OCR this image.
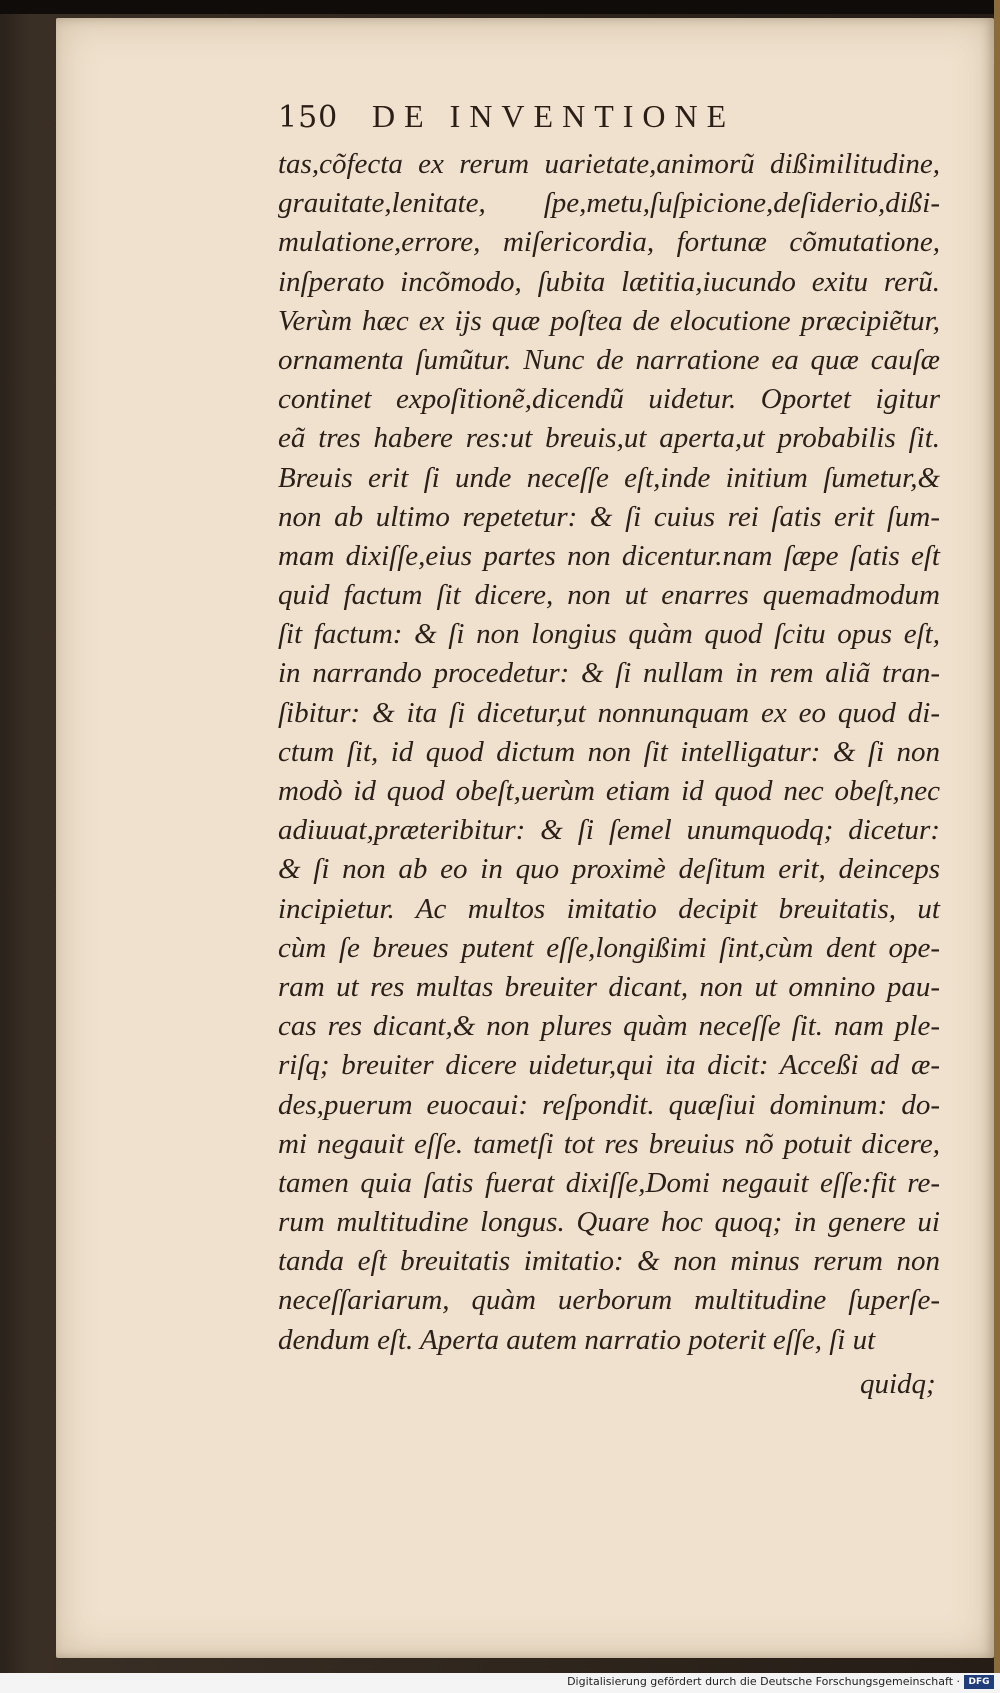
150	DE INVENTIONE
tas,cõfecta ex rerum uarietate,animorũ dißimilitudine,
grauitate,lenitate, ſpe,metu,ſuſpicione,deſiderio,dißi-
mulatione,errore, miſericordia, fortunæ cõmutatione,
inſperato incõmodo, ſubita lætitia,iucundo exitu rerũ.
Verùm hæc ex ijs quæ poſtea de elocutione præcipiẽtur,
ornamenta ſumũtur. Nunc de narratione ea quæ cauſæ
continet expoſitionẽ,dicendũ uidetur. Oportet igitur
eã tres habere res:ut breuis,ut aperta,ut probabilis ſit.
Breuis erit ſi unde neceſſe eſt,inde initium ſumetur,&
non ab ultimo repetetur: & ſi cuius rei ſatis erit ſum-
mam dixiſſe,eius partes non dicentur.nam ſæpe ſatis eſt
quid factum ſit dicere, non ut enarres quemadmodum
ſit factum: & ſi non longius quàm quod ſcitu opus eſt,
in narrando procedetur: & ſi nullam in rem aliã tran-
ſibitur: & ita ſi dicetur,ut nonnunquam ex eo quod di-
ctum ſit, id quod dictum non ſit intelligatur: & ſi non
modò id quod obeſt,uerùm etiam id quod nec obeſt,nec
adiuuat,præteribitur: & ſi ſemel unumquodq; dicetur:
& ſi non ab eo in quo proximè deſitum erit, deinceps
incipietur. Ac multos imitatio decipit breuitatis, ut
cùm ſe breues putent eſſe,longißimi ſint,cùm dent ope-
ram ut res multas breuiter dicant, non ut omnino pau-
cas res dicant,& non plures quàm neceſſe ſit. nam ple-
riſq; breuiter dicere uidetur,qui ita dicit: Acceßi ad æ-
des,puerum euocaui: reſpondit. quæſiui dominum: do-
mi negauit eſſe. tametſi tot res breuius nõ potuit dicere,
tamen quia ſatis fuerat dixiſſe,Domi negauit eſſe:fit re-
rum multitudine longus. Quare hoc quoq; in genere ui
tanda eſt breuitatis imitatio: & non minus rerum non
neceſſariarum, quàm uerborum multitudine ſuperſe-
dendum eſt. Aperta autem narratio poterit eſſe, ſi ut
quidq;
Digitalisierung gefördert durch die Deutsche Forschungsgemeinschaft · DFG
